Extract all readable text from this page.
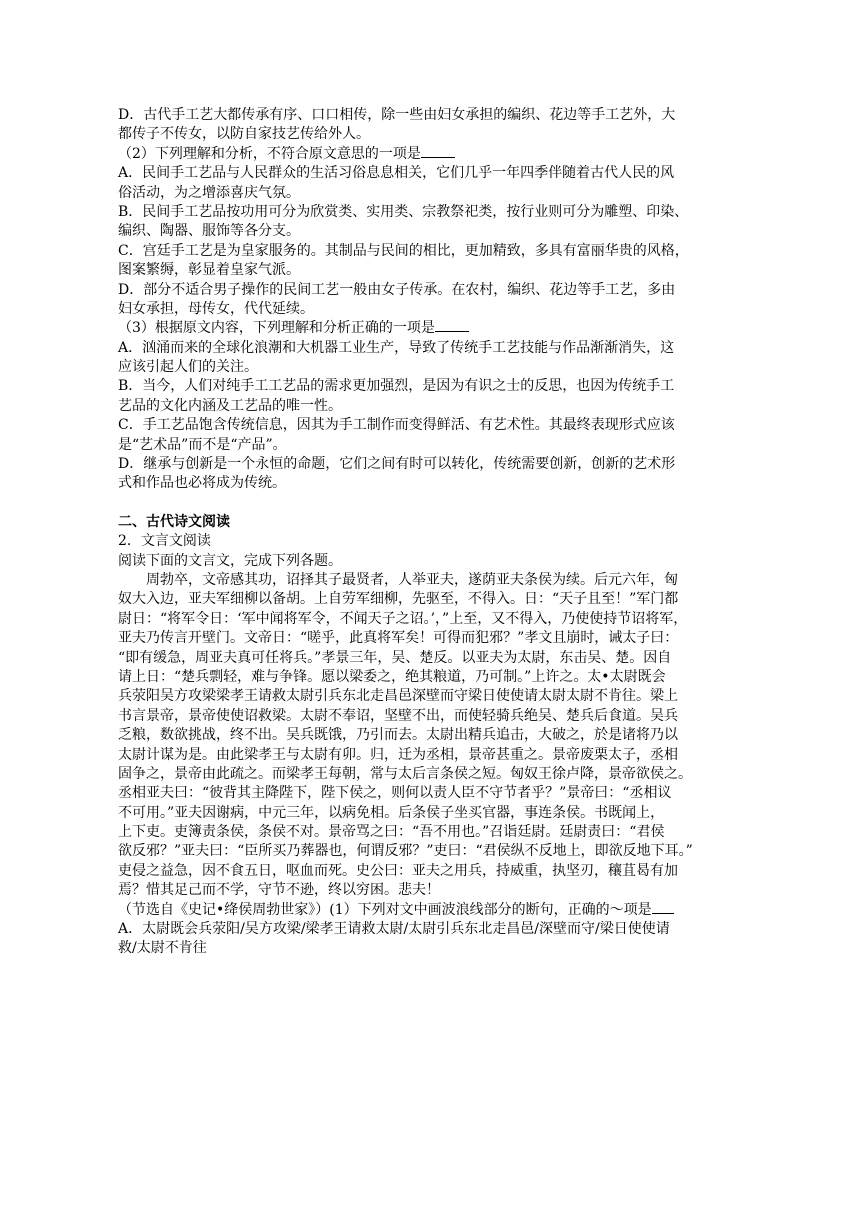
D．古代手工艺大都传承有序、口口相传，除一些由妇女承担的编织、花边等手工艺外，大
都传子不传女，以防自家技艺传给外人。
（2）下列理解和分析，不符合原文意思的一项是
A．民间手工艺品与人民群众的生活习俗息息相关，它们几乎一年四季伴随着古代人民的风
俗活动，为之增添喜庆气氛。
B．民间手工艺品按功用可分为欣赏类、实用类、宗教祭祀类，按行业则可分为雕塑、印染、
编织、陶器、服饰等各分支。
C．宫廷手工艺是为皇家服务的。其制品与民间的相比，更加精致，多具有富丽华贵的风格，
图案繁缛，彰显着皇家气派。
D．部分不适合男子操作的民间工艺一般由女子传承。在农村，编织、花边等手工艺，多由
妇女承担，母传女，代代延续。
（3）根据原文内容，下列理解和分析正确的一项是
A．汹涌而来的全球化浪潮和大机器工业生产，导致了传统手工艺技能与作品渐渐消失，这
应该引起人们的关注。
B．当今，人们对纯手工工艺品的需求更加强烈，是因为有识之士的反思，也因为传统手工
艺品的文化内涵及工艺品的唯一性。
C．手工艺品饱含传统信息，因其为手工制作而变得鲜活、有艺术性。其最终表现形式应该
是“艺术品”而不是“产品”。
D．继承与创新是一个永恒的命题，它们之间有时可以转化，传统需要创新，创新的艺术形
式和作品也必将成为传统。
二、古代诗文阅读
2．文言文阅读
阅读下面的文言文，完成下列各题。
周勃卒，文帝感其功，诏择其子最贤者，人举亚夫，遂荫亚夫条侯为续。后元六年，匈
奴大入边，亚夫军细柳以备胡。上自劳军细柳，先驱至，不得入。日：“天子且至！”军门都
尉日：“将军令日：‘军中闻将军令，不闻天子之诏。’，”上至，又不得入，乃使使持节诏将军，
亚夫乃传言开壁门。文帝日：“嗟乎，此真将军矣！可得而犯邪？”孝文且崩时，诫太子曰：
“即有缓急，周亚夫真可任将兵。”孝景三年，吴、楚反。以亚夫为太尉，东击吴、楚。因自
请上日：“楚兵剽轻，难与争锋。愿以梁委之，绝其粮道，乃可制。”上许之。太•太尉既会
兵荥阳吴方攻梁梁孝王请救太尉引兵东北走昌邑深壁而守梁日使使请太尉太尉不肯往。梁上
书言景帝，景帝使使诏救梁。太尉不奉诏，坚壁不出，而使轻骑兵绝吴、楚兵后食道。吴兵
乏粮，数欲挑战，终不出。吴兵既饿，乃引而去。太尉出精兵追击，大破之，於是诸将乃以
太尉计谋为是。由此梁孝王与太尉有卯。归，迁为丞相，景帝甚重之。景帝废栗太子，丞相
固争之，景帝由此疏之。而梁孝王每朝，常与太后言条侯之短。匈奴王徐卢降，景帝欲侯之。
丞相亚夫曰：“彼背其主降陛下，陛下侯之，则何以责人臣不守节者乎？”景帝曰：“丞相议
不可用。”亚夫因谢病，中元三年，以病免相。后条侯子坐买官器，事连条侯。书既闻上，
上下吏。吏簿责条侯，条侯不对。景帝骂之曰：“吾不用也。”召诣廷尉。廷尉责曰：“君侯
欲反邪？”亚夫曰：“臣所买乃葬器也，何谓反邪？”吏曰：“君侯纵不反地上，即欲反地下耳。”
吏侵之益急，因不食五日，呕血而死。史公曰：亚夫之用兵，持威重，执坚刃，穰苴曷有加
焉？惜其足己而不学，守节不逊，终以穷困。悲夫！
（节选自《史记•绛侯周勃世家》）(1）下列对文中画波浪线部分的断句，正确的～项是
A．太尉既会兵荥阳/吴方攻梁/梁孝王请救太尉/太尉引兵东北走昌邑/深壁而守/梁日使使请
救/太尉不肯往
